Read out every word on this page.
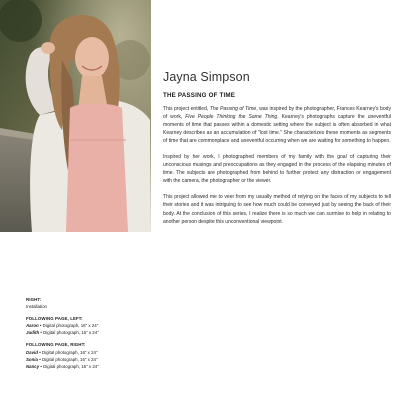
Jayna Simpson
THE PASSING OF TIME

This project entitled, The Passing of Time, was inspired by the photographer, Frances Kearney's body of work, Five People Thinking the Same Thing. Kearney's photographs capture the uneventful moments of time that passes within a domestic setting where the subject is often absorbed in what Kearney describes as an accumulation of "lost time." She characterizes these moments as segments of time that are commonplace and uneventful occurring when we are waiting for something to happen.

Inspired by her work, I photographed members of my family with the goal of capturing their unconscious musings and preoccupations as they engaged in the process of the elapsing minutes of time. The subjects are photographed from behind to further protect any distraction or engagement with the camera, the photographer or the viewer.

This project allowed me to veer from my usually method of relying on the faces of my subjects to tell their stories and it was intriguing to see how much could be conveyed just by seeing the back of their body. At the conclusion of this series, I realize there is so much we can surmise to help in relating to another person despite this unconventional viewpoint.

RIGHT:
Installation
FOLLOWING PAGE, LEFT:
Aaron • Digital photograph, 16" x 24"
Judith • Digital photograph, 16" x 24"
FOLLOWING PAGE, RIGHT:
David • Digital photograph, 16" x 24"
Sonia • Digital photograph, 16" x 24"
Nancy • Digital photograph, 16" x 24"
